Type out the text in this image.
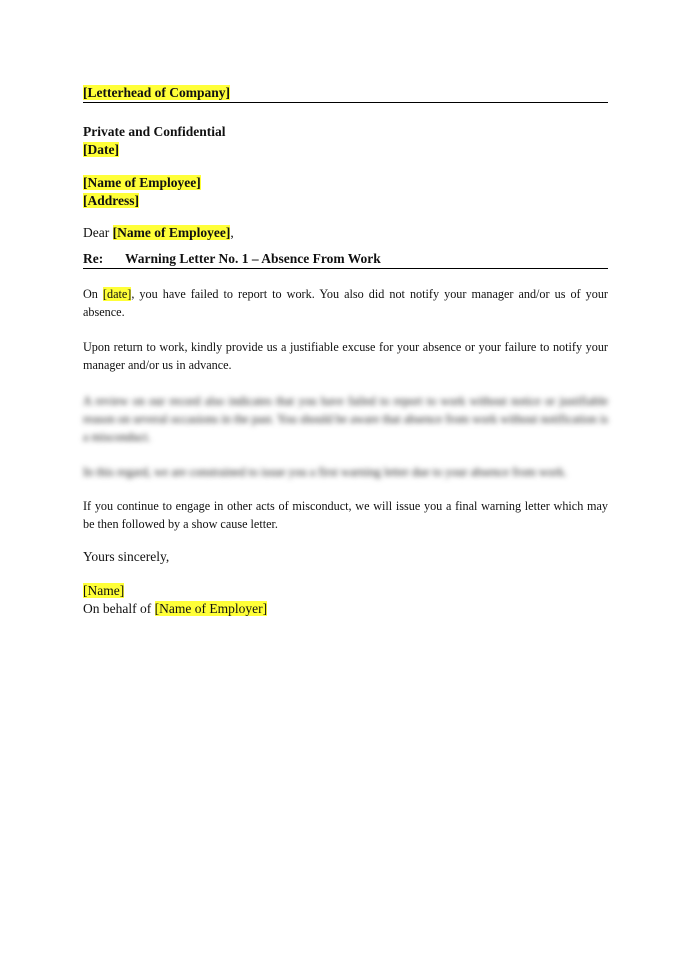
[Letterhead of Company]
Private and Confidential
[Date]
[Name of Employee]
[Address]
Dear [Name of Employee],
Re: Warning Letter No. 1 – Absence From Work

On [date], you have failed to report to work. You also did not notify your manager and/or us of your absence.

Upon return to work, kindly provide us a justifiable excuse for your absence or your failure to notify your manager and/or us in advance.

A review on our record also indicates that you have failed to report to work without notice or justifiable reason on several occasions in the past. You should be aware that absence from work without notification is a misconduct.

In this regard, we are constrained to issue you a first warning letter due to your absence from work.

If you continue to engage in other acts of misconduct, we will issue you a final warning letter which may be then followed by a show cause letter.

Yours sincerely,
[Name]
On behalf of [Name of Employer]
